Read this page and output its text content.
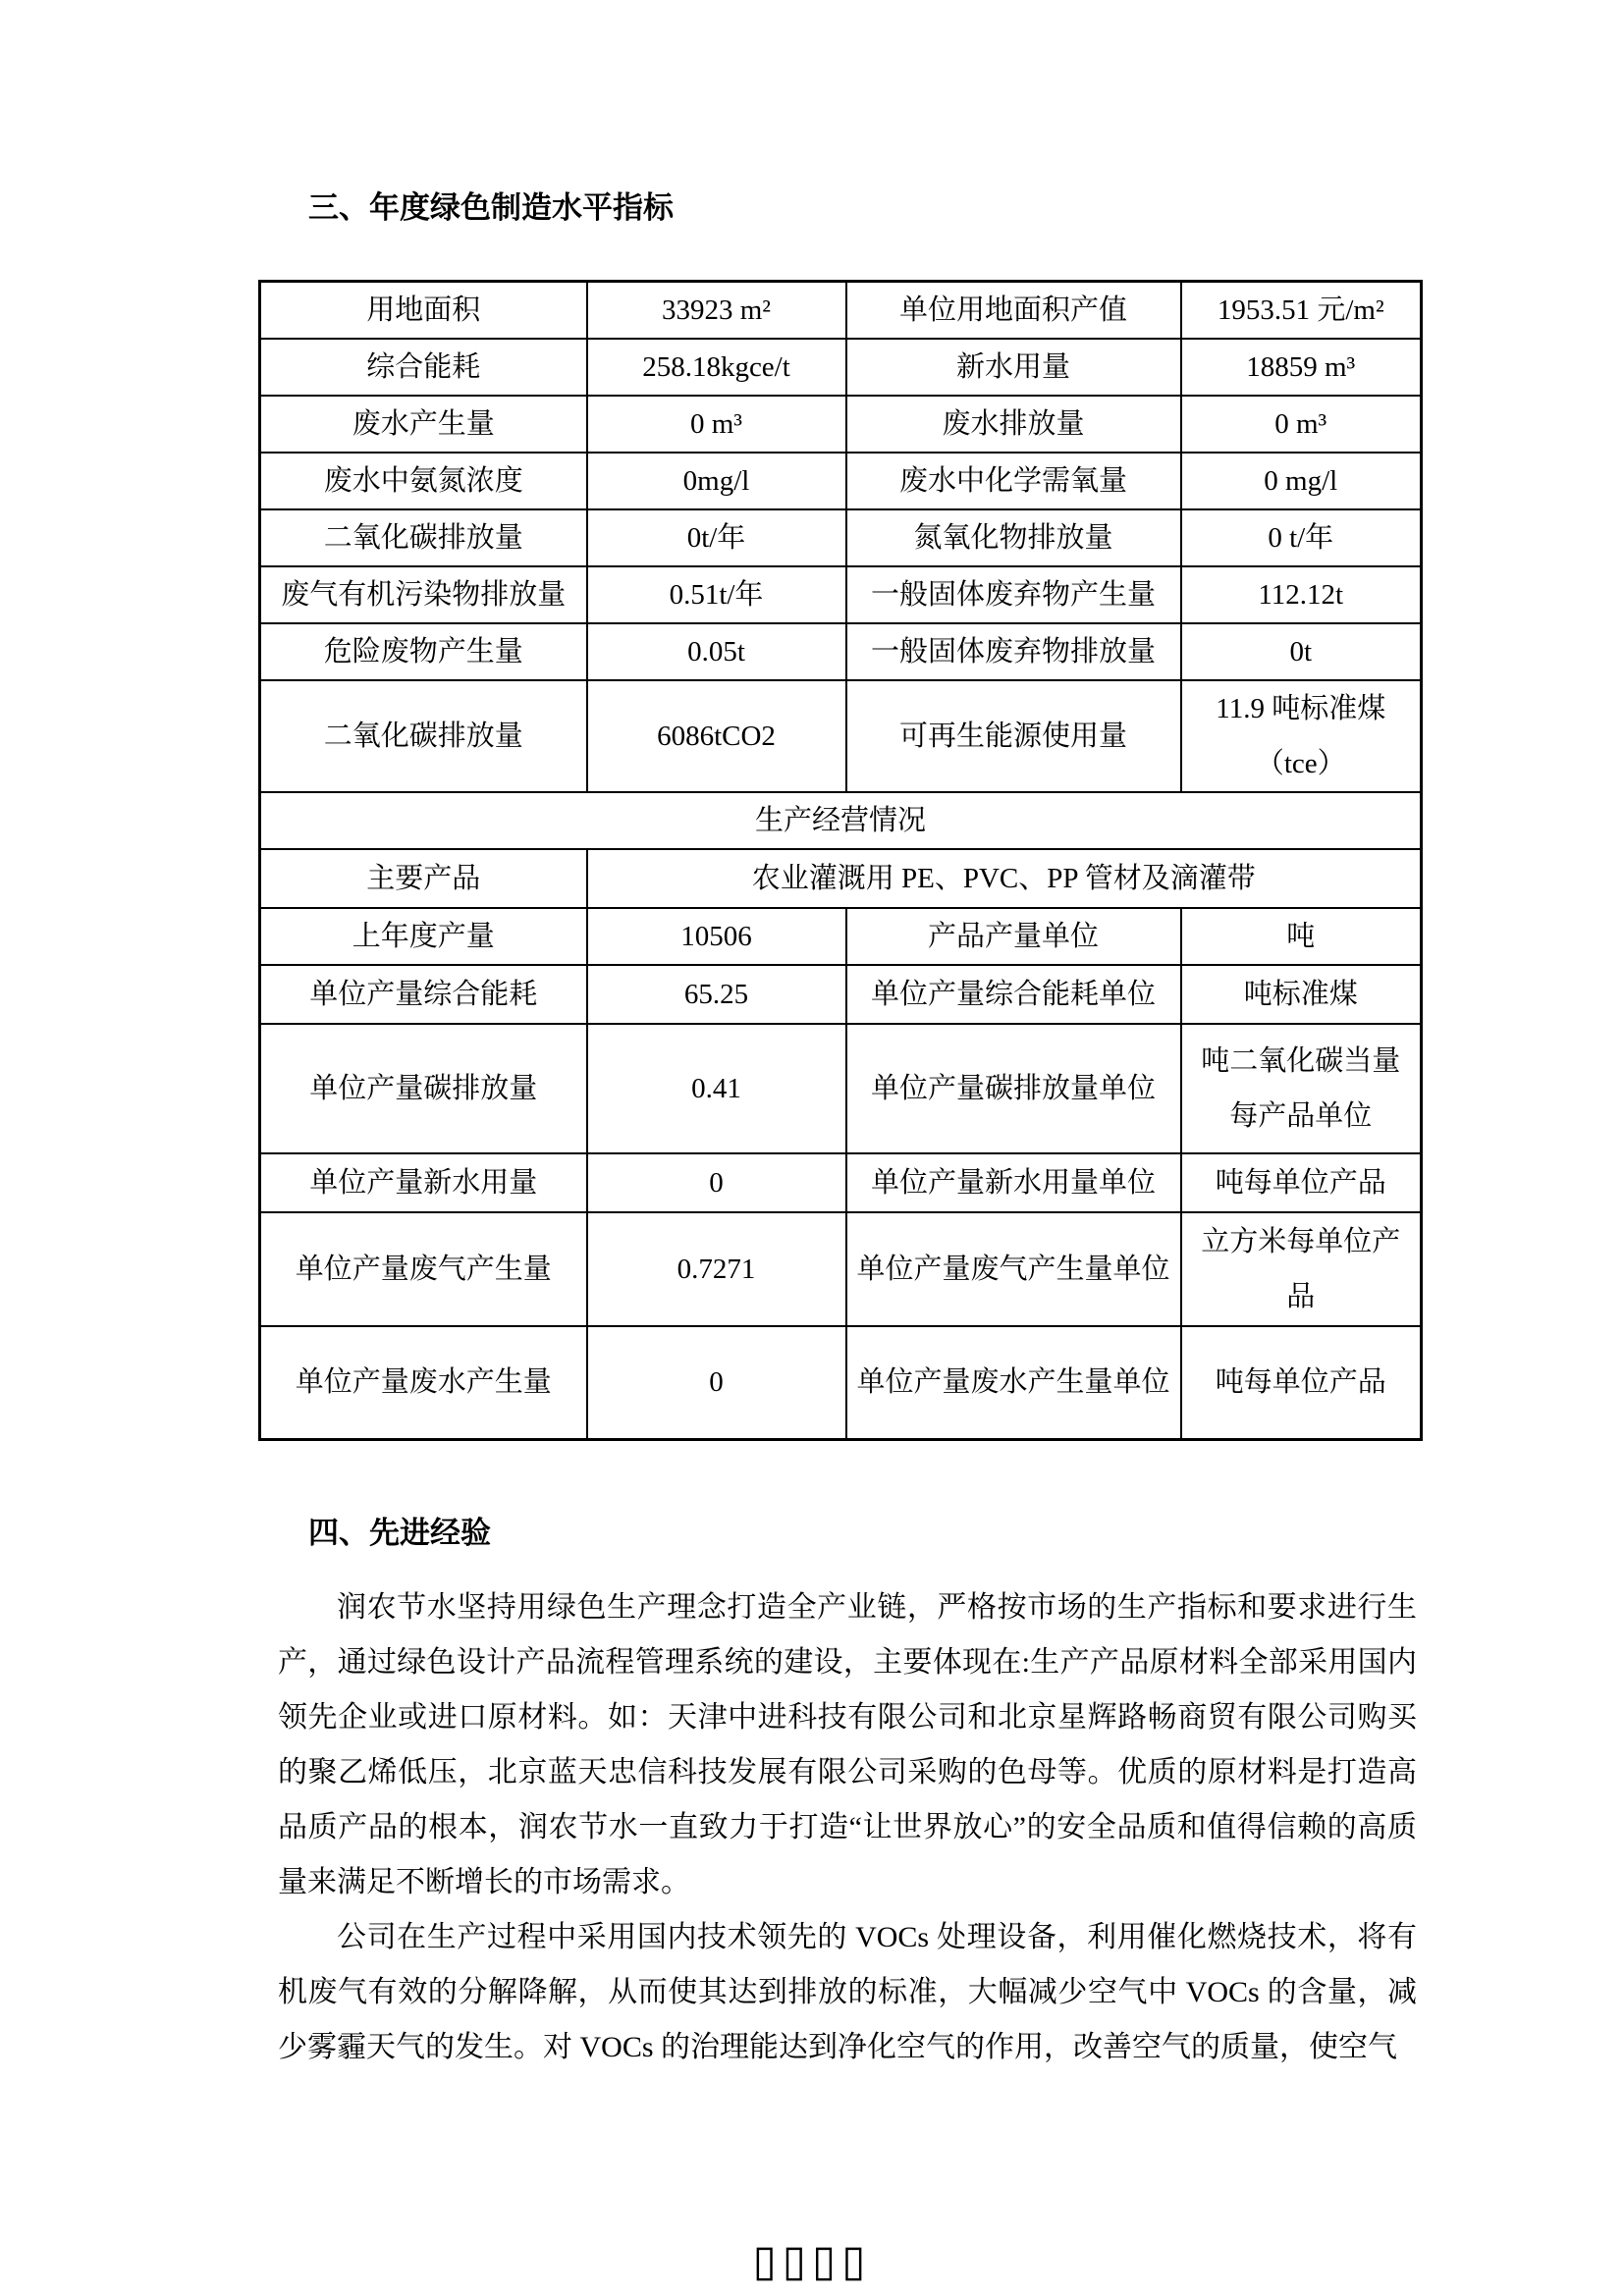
三、年度绿色制造水平指标
用地面积	33923 m²	单位用地面积产值	1953.51 元/m²
综合能耗	258.18kgce/t	新水用量	18859 m³
废水产生量	0 m³	废水排放量	0 m³
废水中氨氮浓度	0mg/l	废水中化学需氧量	0 mg/l
二氧化碳排放量	0t/年	氮氧化物排放量	0 t/年
废气有机污染物排放量	0.51t/年	一般固体废弃物产生量	112.12t
危险废物产生量	0.05t	一般固体废弃物排放量	0t
二氧化碳排放量	6086tCO2	可再生能源使用量	11.9 吨标准煤（tce）
生产经营情况			
主要产品	农业灌溉用 PE、PVC、PP 管材及滴灌带		
上年度产量	10506	产品产量单位	吨
单位产量综合能耗	65.25	单位产量综合能耗单位	吨标准煤
单位产量碳排放量	0.41	单位产量碳排放量单位	吨二氧化碳当量每产品单位
单位产量新水用量	0	单位产量新水用量单位	吨每单位产品
单位产量废气产生量	0.7271	单位产量废气产生量单位	立方米每单位产品
单位产量废水产生量	0	单位产量废水产生量单位	吨每单位产品
四、先进经验

润农节水坚持用绿色生产理念打造全产业链，严格按市场的生产指标和要求进行生产，通过绿色设计产品流程管理系统的建设，主要体现在:生产产品原材料全部采用国内领先企业或进口原材料。如：天津中进科技有限公司和北京星辉路畅商贸有限公司购买的聚乙烯低压，北京蓝天忠信科技发展有限公司采购的色母等。优质的原材料是打造高品质产品的根本，润农节水一直致力于打造“让世界放心”的安全品质和值得信赖的高质量来满足不断增长的市场需求。

公司在生产过程中采用国内技术领先的 VOCs 处理设备，利用催化燃烧技术，将有机废气有效的分解降解，从而使其达到排放的标准，大幅减少空气中 VOCs 的含量，减少雾霾天气的发生。对 VOCs 的治理能达到净化空气的作用，改善空气的质量，使空气

▯▯▯▯
